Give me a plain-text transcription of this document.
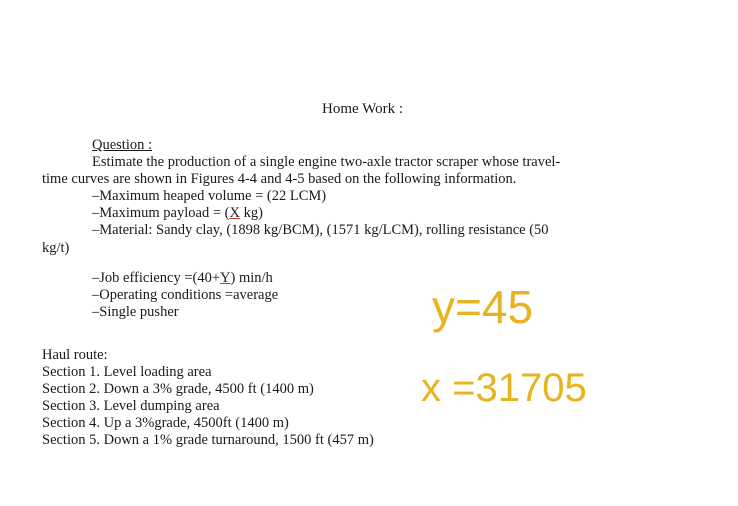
Home Work :
Question :
Estimate the production of a single engine two-axle tractor scraper whose travel-
time curves are shown in Figures 4-4 and 4-5 based on the following information.
–Maximum heaped volume = (22 LCM)
–Maximum payload = (X kg)
–Material: Sandy clay, (1898 kg/BCM), (1571 kg/LCM), rolling resistance (50
kg/t)
–Job efficiency =(40+Y) min/h
–Operating conditions =average
–Single pusher
Haul route:
Section 1. Level loading area
Section 2. Down a 3% grade, 4500 ft (1400 m)
Section 3. Level dumping area
Section 4. Up a 3%grade, 4500ft (1400 m)
Section 5. Down a 1% grade turnaround, 1500 ft (457 m)
y=45
x =31705
